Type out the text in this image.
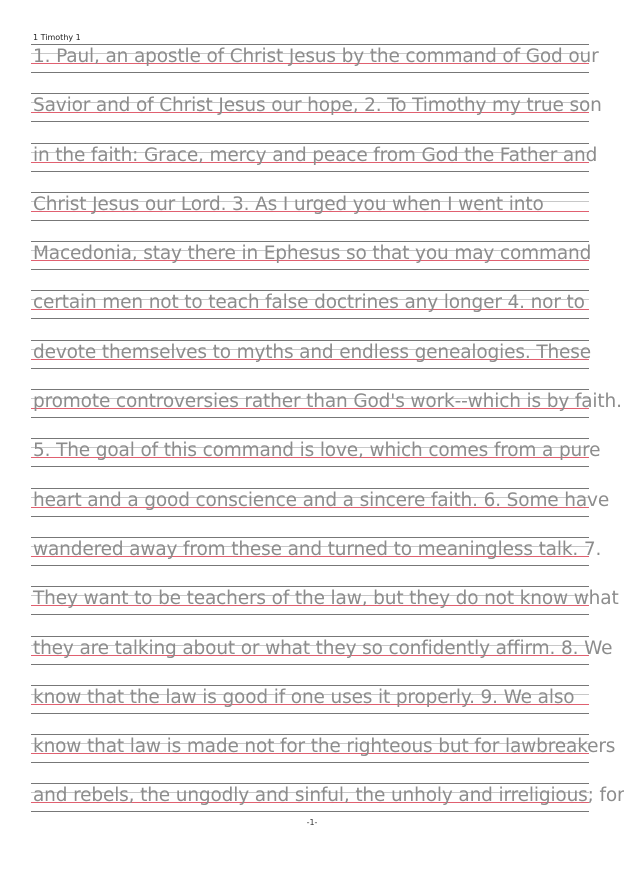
1 Timothy 1
1. Paul, an apostle of Christ Jesus by the command of God our
Savior and of Christ Jesus our hope, 2. To Timothy my true son
in the faith: Grace, mercy and peace from God the Father and
Christ Jesus our Lord. 3. As I urged you when I went into
Macedonia, stay there in Ephesus so that you may command
certain men not to teach false doctrines any longer 4. nor to
devote themselves to myths and endless genealogies. These
promote controversies rather than God's work--which is by faith.
5. The goal of this command is love, which comes from a pure
heart and a good conscience and a sincere faith. 6. Some have
wandered away from these and turned to meaningless talk. 7.
They want to be teachers of the law, but they do not know what
they are talking about or what they so confidently affirm. 8. We
know that the law is good if one uses it properly. 9. We also
know that law is made not for the righteous but for lawbreakers
and rebels, the ungodly and sinful, the unholy and irreligious; for
-1-
